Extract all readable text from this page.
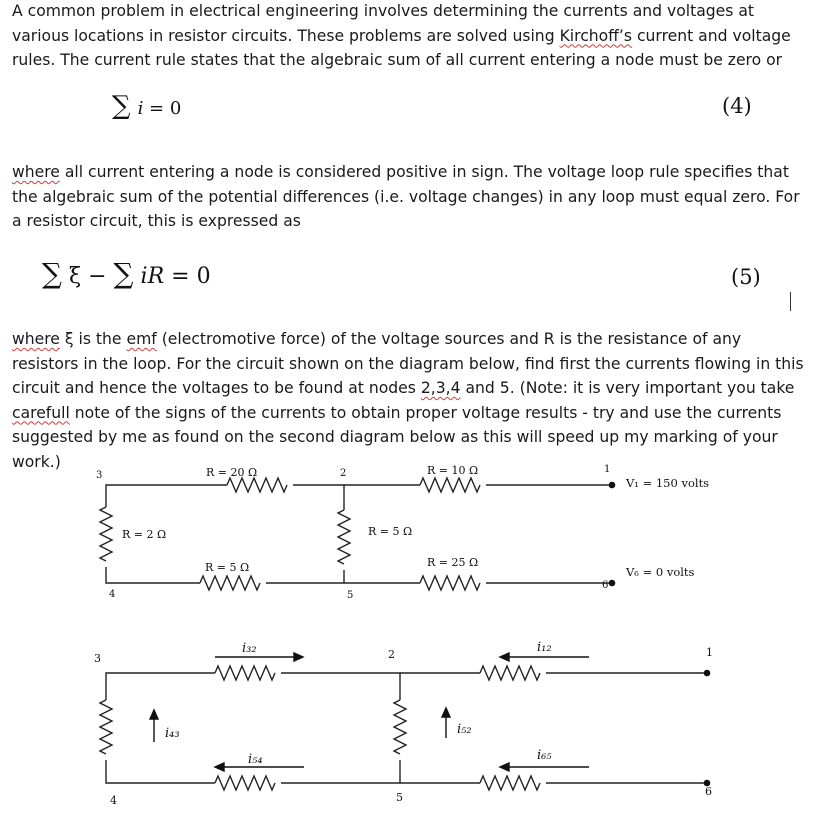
A common problem in electrical engineering involves determining the currents and voltages at various locations in resistor circuits. These problems are solved using Kirchoff’s current and voltage rules. The current rule states that the algebraic sum of all current entering a node must be zero or

∑ i = 0	(4)

where all current entering a node is considered positive in sign. The voltage loop rule specifies that the algebraic sum of the potential differences (i.e. voltage changes) in any loop must equal zero. For a resistor circuit, this is expressed as

∑ ξ − ∑ iR = 0	(5)

where ξ is the emf (electromotive force) of the voltage sources and R is the resistance of any resistors in the loop. For the circuit shown on the diagram below, find first the currents flowing in this circuit and hence the voltages to be found at nodes 2,3,4 and 5. (Note: it is very important you take carefull note of the signs of the currents to obtain proper voltage results - try and use the currents suggested by me as found on the second diagram below as this will speed up my marking of your work.)

3	2	1
4	5
6
R = 20 Ω	R = 10 Ω
R = 2 Ω	R = 5 Ω
R = 5 Ω	R = 25 Ω
V₁ = 150 volts
V₆ = 0 volts
3	2	1
4	5	6
i₃₂	i₁₂
i₄₃	i₅₂
i₅₄	i₆₅
